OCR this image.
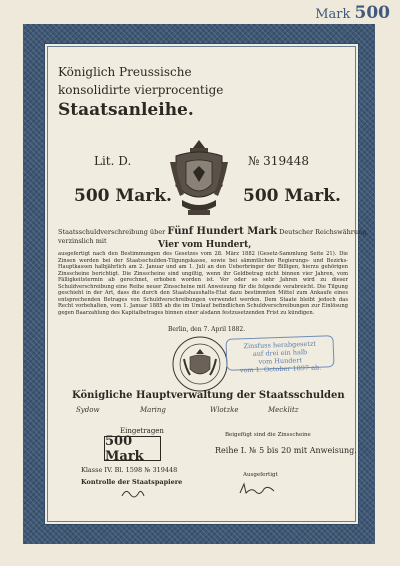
Mark 500
Königlich Preussische
konsolidirte vierprocentige
Staatsanleihe.
Lit. D.	№ 319448
500 Mark.	500 Mark.
Staatsschuldverschreibung über Fünf Hundert Mark Deutscher Reichswährung, verzinslich mit	Vier vom Hundert,
ausgefertigt nach den Bestimmungen des Gesetzes vom 28. März 1882 (Gesetz-Sammlung Seite 21). Die Zinsen werden bei der Staatsschulden-Tilgungskasse, sowie bei sämmtlichen Regierungs- und Bezirks-Hauptkassen halbjährlich am 2. Januar und am 1. Juli an den Ueberbringer der Billigen, hierzu gehörigen Zinsscheine berichtigt. Die Zinsscheine sind ungiltig, wenn ihr Geldbetrag nicht binnen vier Jahren, vom Fälligkeitstermin ab gerechnet, erhoben worden ist. Vor oder so sehr Jahren wird zu dieser Schuldverschreibung eine Reihe neuer Zinsscheine mit Anweisung für die folgende verabreicht. Die Tilgung geschieht in der Art, dass die durch den Staatshaushalts-Etat dazu bestimmten Mittel zum Ankaufe eines entsprechenden Betrages von Schuldverschreibungen verwendet werden. Dem Staate bleibt jedoch das Recht vorbehalten, vom 1. Januar 1885 ab die im Umlauf befindlichen Schuldverschreibungen zur Einlösung gegen Baarzahlung des Kapitalbetrages binnen einer alsdann festzusetzenden Frist zu kündigen.
Berlin, den 7. April 1882.
Zinsfuss herabgesetzt
auf drei ein halb
vom Hundert
vom 1. October 1897 ab.
Königliche Hauptverwaltung der Staatsschulden
Sydow	Maring	Wlotzke	Mecklitz
Eingetragen
500 Mark
Klasse IV. Bl. 1598 № 319448
Kontrolle der Staatspapiere
Beigefügt sind die Zinsscheine
Reihe I. № 5 bis 20 mit Anweisung.
Ausgefertigt
